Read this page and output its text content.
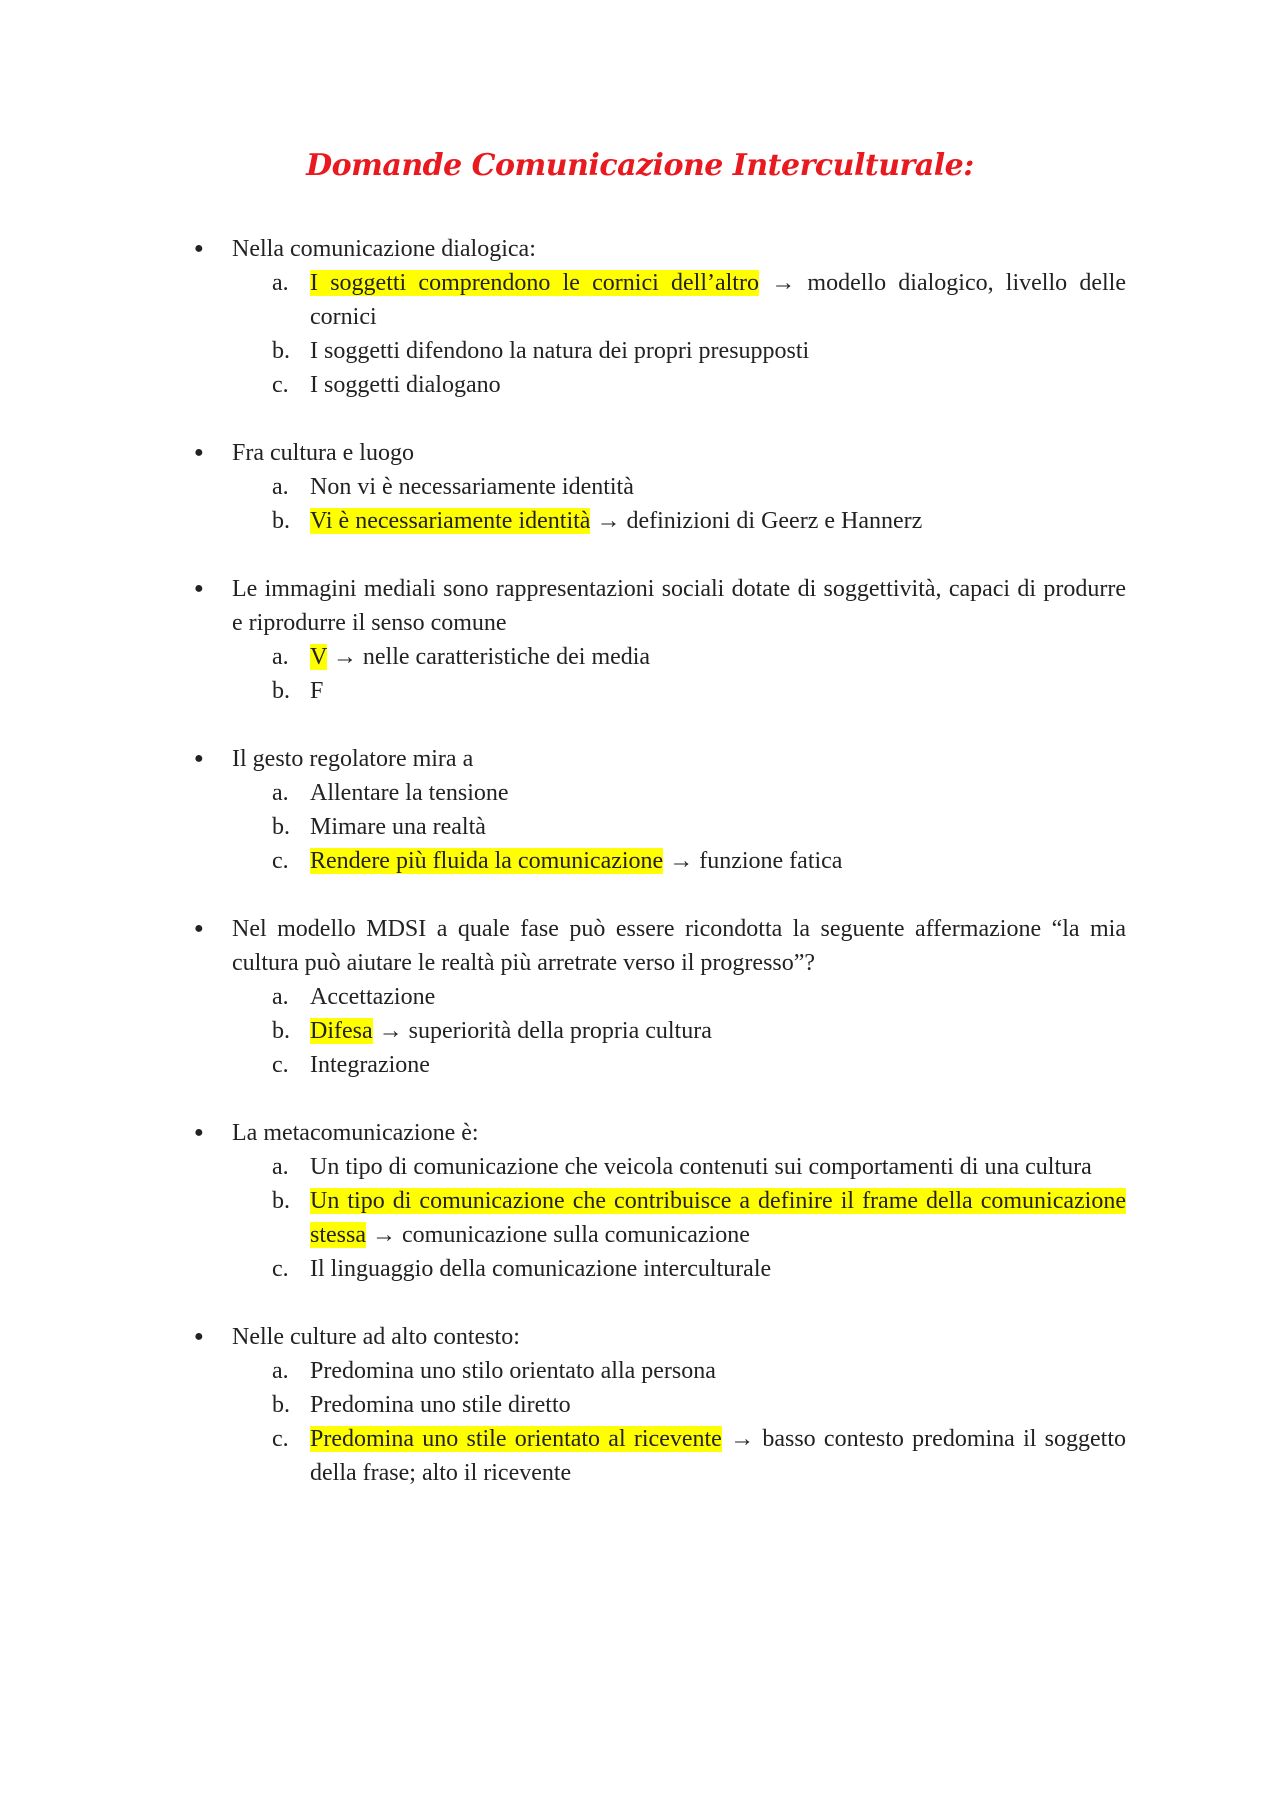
Domande Comunicazione Interculturale:
● Nella comunicazione dialogica:
a. I soggetti comprendono le cornici dell’altro → modello dialogico, livello delle cornici
b. I soggetti difendono la natura dei propri presupposti
c. I soggetti dialogano
● Fra cultura e luogo
a. Non vi è necessariamente identità
b. Vi è necessariamente identità → definizioni di Geerz e Hannerz
● Le immagini mediali sono rappresentazioni sociali dotate di soggettività, capaci di produrre e riprodurre il senso comune
a. V → nelle caratteristiche dei media
b. F
● Il gesto regolatore mira a
a. Allentare la tensione
b. Mimare una realtà
c. Rendere più fluida la comunicazione → funzione fatica
● Nel modello MDSI a quale fase può essere ricondotta la seguente affermazione “la mia cultura può aiutare le realtà più arretrate verso il progresso”?
a. Accettazione
b. Difesa → superiorità della propria cultura
c. Integrazione
● La metacomunicazione è:
a. Un tipo di comunicazione che veicola contenuti sui comportamenti di una cultura
b. Un tipo di comunicazione che contribuisce a definire il frame della comunicazione stessa → comunicazione sulla comunicazione
c. Il linguaggio della comunicazione interculturale
● Nelle culture ad alto contesto:
a. Predomina uno stilo orientato alla persona
b. Predomina uno stile diretto
c. Predomina uno stile orientato al ricevente → basso contesto predomina il soggetto della frase; alto il ricevente
